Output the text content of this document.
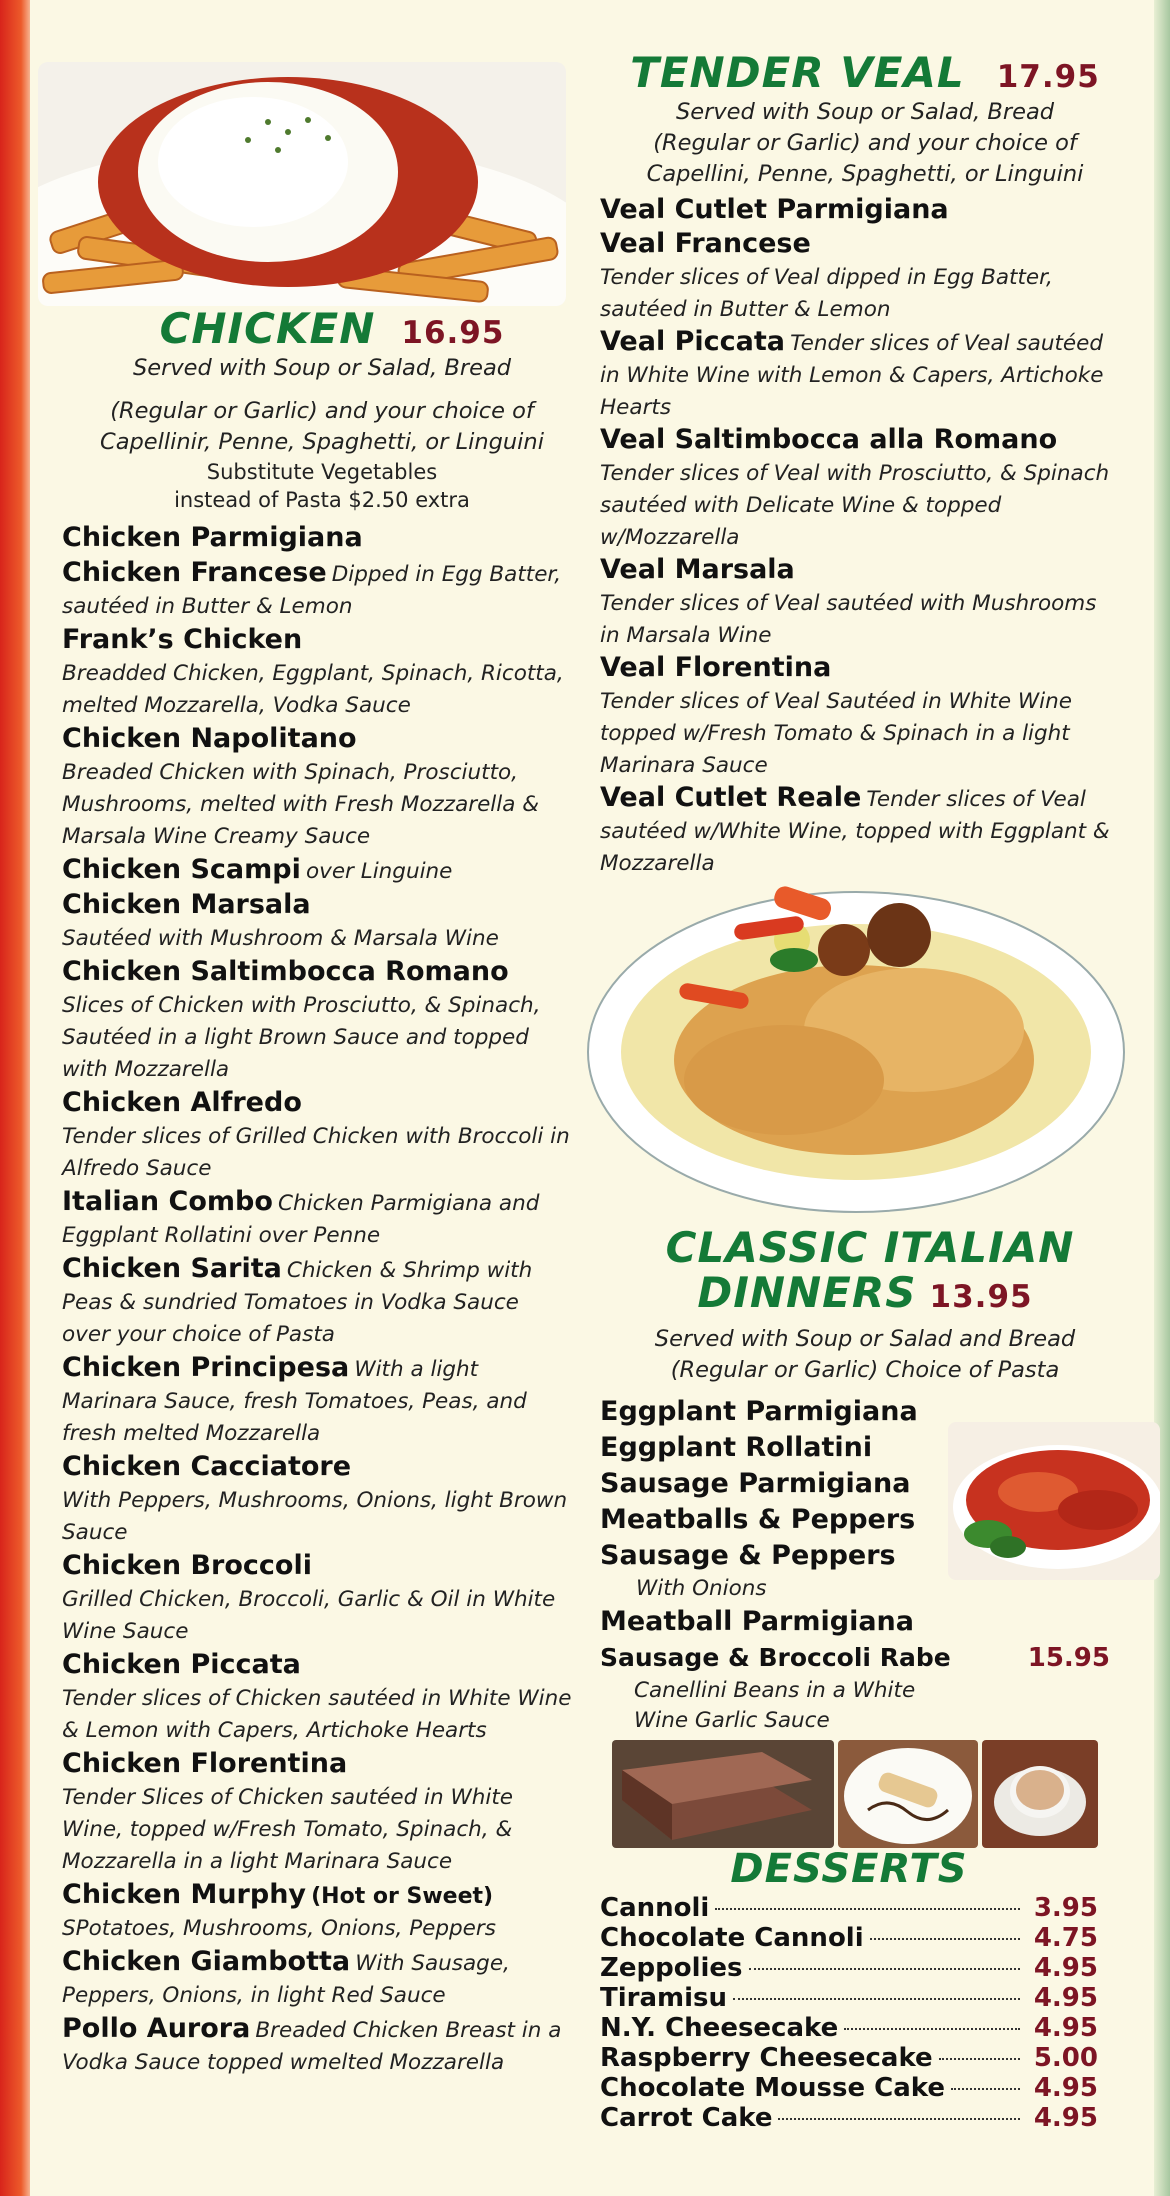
CHICKEN 16.95
Served with Soup or Salad, Bread
(Regular or Garlic) and your choice of
Capellinir, Penne, Spaghetti, or Linguini
Substitute Vegetables
instead of Pasta $2.50 extra
Chicken Parmigiana
Chicken Francese Dipped in Egg Batter, sautéed in Butter & Lemon
Frank’s Chicken
Breadded Chicken, Eggplant, Spinach, Ricotta, melted Mozzarella, Vodka Sauce
Chicken Napolitano
Breaded Chicken with Spinach, Prosciutto, Mushrooms, melted with Fresh Mozzarella & Marsala Wine Creamy Sauce
Chicken Scampi over Linguine
Chicken Marsala
Sautéed with Mushroom & Marsala Wine
Chicken Saltimbocca Romano
Slices of Chicken with Prosciutto, & Spinach, Sautéed in a light Brown Sauce and topped with Mozzarella
Chicken Alfredo
Tender slices of Grilled Chicken with Broccoli in Alfredo Sauce
Italian Combo Chicken Parmigiana and Eggplant Rollatini over Penne
Chicken Sarita Chicken & Shrimp with Peas & sundried Tomatoes in Vodka Sauce over your choice of Pasta
Chicken Principesa With a light Marinara Sauce, fresh Tomatoes, Peas, and fresh melted Mozzarella
Chicken Cacciatore
With Peppers, Mushrooms, Onions, light Brown Sauce
Chicken Broccoli
Grilled Chicken, Broccoli, Garlic & Oil in White Wine Sauce
Chicken Piccata
Tender slices of Chicken sautéed in White Wine & Lemon with Capers, Artichoke Hearts
Chicken Florentina
Tender Slices of Chicken sautéed in White Wine, topped w/Fresh Tomato, Spinach, & Mozzarella in a light Marinara Sauce
Chicken Murphy (Hot or Sweet)
SPotatoes, Mushrooms, Onions, Peppers
Chicken Giambotta With Sausage, Peppers, Onions, in light Red Sauce
Pollo Aurora Breaded Chicken Breast in a Vodka Sauce topped wmelted Mozzarella
TENDER VEAL 17.95
Served with Soup or Salad, Bread
(Regular or Garlic) and your choice of
Capellini, Penne, Spaghetti, or Linguini
Veal Cutlet Parmigiana
Veal Francese
Tender slices of Veal dipped in Egg Batter, sautéed in Butter & Lemon
Veal Piccata Tender slices of Veal sautéed in White Wine with Lemon & Capers, Artichoke Hearts
Veal Saltimbocca alla Romano
Tender slices of Veal with Prosciutto, & Spinach sautéed with Delicate Wine & topped w/Mozzarella
Veal Marsala
Tender slices of Veal sautéed with Mushrooms in Marsala Wine
Veal Florentina
Tender slices of Veal Sautéed in White Wine topped w/Fresh Tomato & Spinach in a light Marinara Sauce
Veal Cutlet Reale Tender slices of Veal sautéed w/White Wine, topped with Eggplant & Mozzarella
CLASSIC ITALIAN
DINNERS 13.95
Served with Soup or Salad and Bread
(Regular or Garlic) Choice of Pasta
Eggplant Parmigiana
Eggplant Rollatini
Sausage Parmigiana
Meatballs & Peppers
Sausage & Peppers
With Onions
Meatball Parmigiana
Sausage & Broccoli Rabe	15.95
Canellini Beans in a White
Wine Garlic Sauce
DESSERTS
Cannoli	3.95
Chocolate Cannoli	4.75
Zeppolies	4.95
Tiramisu	4.95
N.Y. Cheesecake	4.95
Raspberry Cheesecake	5.00
Chocolate Mousse Cake	4.95
Carrot Cake	4.95
